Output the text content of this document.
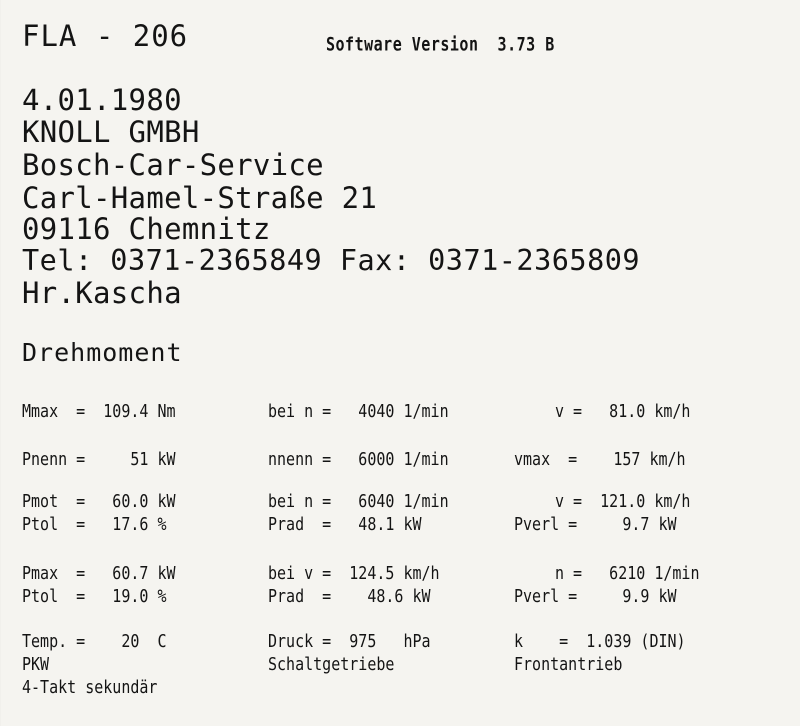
FLA - 206	Software Version  3.73 B
4.01.1980
KNOLL GMBH
Bosch-Car-Service
Carl-Hamel-Straße 21
09116 Chemnitz
Tel: 0371-2365849 Fax: 0371-2365809
Hr.Kascha
Drehmoment
Mmax  =  109.4 Nm	bei n =   4040 1/min	v =   81.0 km/h
Pnenn =     51 kW	nnenn =   6000 1/min	vmax  =    157 km/h
Pmot  =   60.0 kW	bei n =   6040 1/min	v =  121.0 km/h
Ptol  =   17.6 %	Prad  =   48.1 kW	Pverl =     9.7 kW
Pmax  =   60.7 kW	bei v =  124.5 km/h	n =   6210 1/min
Ptol  =   19.0 %	Prad  =    48.6 kW	Pverl =     9.9 kW
Temp. =    20  C	Druck =  975   hPa	k    =  1.039 (DIN)
PKW	Schaltgetriebe	Frontantrieb
4-Takt sekundär
